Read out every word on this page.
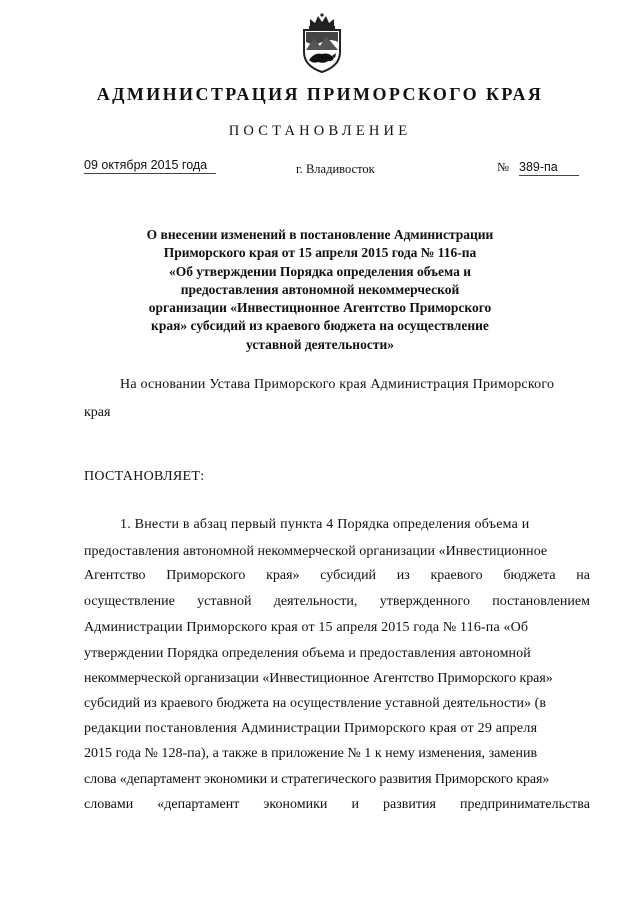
АДМИНИСТРАЦИЯ ПРИМОРСКОГО КРАЯ
ПОСТАНОВЛЕНИЕ
09 октября 2015 года	г. Владивосток	№ 389-па
О внесении изменений в постановление Администрации
Приморского края от 15 апреля 2015 года № 116-па
«Об утверждении Порядка определения объема и
предоставления автономной некоммерческой
организации «Инвестиционное Агентство Приморского
края» субсидий из краевого бюджета на осуществление
уставной деятельности»
На основании Устава Приморского края Администрация Приморского
края
ПОСТАНОВЛЯЕТ:
1. Внести в абзац первый пункта 4 Порядка определения объема и
предоставления автономной некоммерческой организации «Инвестиционное
Агентство Приморского края» субсидий из краевого бюджета на
осуществление уставной деятельности, утвержденного постановлением
Администрации Приморского края от 15 апреля 2015 года № 116-па «Об
утверждении Порядка определения объема и предоставления автономной
некоммерческой организации «Инвестиционное Агентство Приморского края»
субсидий из краевого бюджета на осуществление уставной деятельности» (в
редакции постановления Администрации Приморского края от 29 апреля
2015 года № 128-па), а также в приложение № 1 к нему изменения, заменив
слова «департамент экономики и стратегического развития Приморского края»
словами «департамент экономики и развития предпринимательства
